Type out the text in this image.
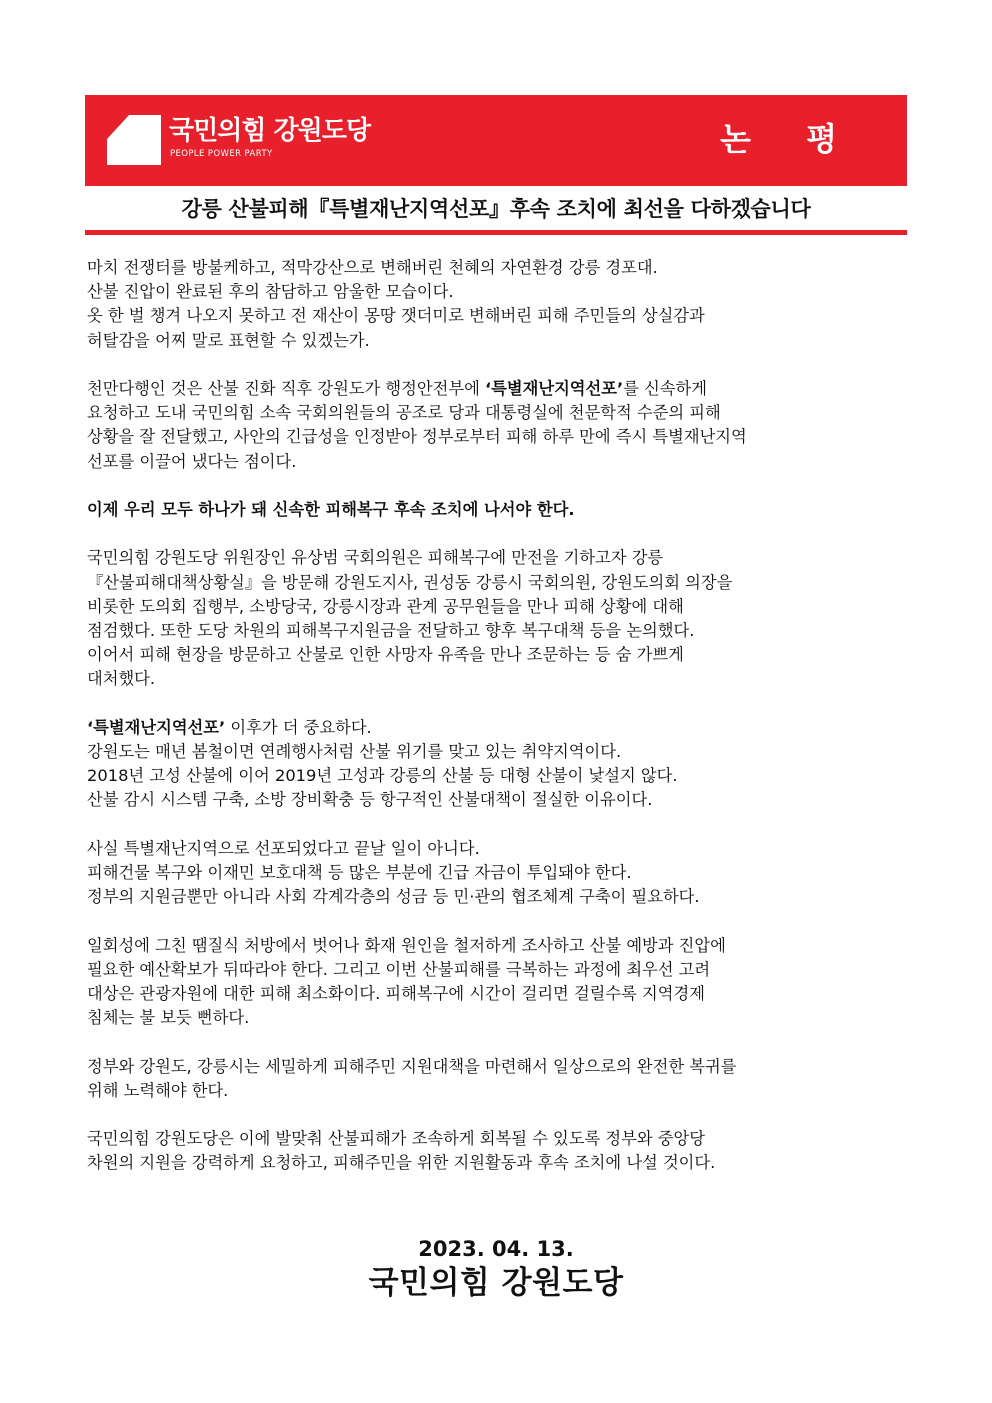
국민의힘 강원도당
PEOPLE POWER PARTY	논 평
강릉 산불피해『특별재난지역선포』후속 조치에 최선을 다하겠습니다

마치 전쟁터를 방불케하고, 적막강산으로 변해버린 천혜의 자연환경 강릉 경포대.
산불 진압이 완료된 후의 참담하고 암울한 모습이다.
옷 한 벌 챙겨 나오지 못하고 전 재산이 몽땅 잿더미로 변해버린 피해 주민들의 상실감과
허탈감을 어찌 말로 표현할 수 있겠는가.

천만다행인 것은 산불 진화 직후 강원도가 행정안전부에 ‘특별재난지역선포’를 신속하게
요청하고 도내 국민의힘 소속 국회의원들의 공조로 당과 대통령실에 천문학적 수준의 피해
상황을 잘 전달했고, 사안의 긴급성을 인정받아 정부로부터 피해 하루 만에 즉시 특별재난지역
선포를 이끌어 냈다는 점이다.

이제 우리 모두 하나가 돼 신속한 피해복구 후속 조치에 나서야 한다.

국민의힘 강원도당 위원장인 유상범 국회의원은 피해복구에 만전을 기하고자 강릉
『산불피해대책상황실』을 방문해 강원도지사, 권성동 강릉시 국회의원, 강원도의회 의장을
비롯한 도의회 집행부, 소방당국, 강릉시장과 관계 공무원들을 만나 피해 상황에 대해
점검했다. 또한 도당 차원의 피해복구지원금을 전달하고 향후 복구대책 등을 논의했다.
이어서 피해 현장을 방문하고 산불로 인한 사망자 유족을 만나 조문하는 등 숨 가쁘게
대처했다.

‘특별재난지역선포’ 이후가 더 중요하다.
강원도는 매년 봄철이면 연례행사처럼 산불 위기를 맞고 있는 취약지역이다.
2018년 고성 산불에 이어 2019년 고성과 강릉의 산불 등 대형 산불이 낯설지 않다.
산불 감시 시스템 구축, 소방 장비확충 등 항구적인 산불대책이 절실한 이유이다.

사실 특별재난지역으로 선포되었다고 끝날 일이 아니다.
피해건물 복구와 이재민 보호대책 등 많은 부분에 긴급 자금이 투입돼야 한다.
정부의 지원금뿐만 아니라 사회 각계각층의 성금 등 민·관의 협조체계 구축이 필요하다.

일회성에 그친 땜질식 처방에서 벗어나 화재 원인을 철저하게 조사하고 산불 예방과 진압에
필요한 예산확보가 뒤따라야 한다. 그리고 이번 산불피해를 극복하는 과정에 최우선 고려
대상은 관광자원에 대한 피해 최소화이다. 피해복구에 시간이 걸리면 걸릴수록 지역경제
침체는 불 보듯 뻔하다.

정부와 강원도, 강릉시는 세밀하게 피해주민 지원대책을 마련해서 일상으로의 완전한 복귀를
위해 노력해야 한다.

국민의힘 강원도당은 이에 발맞춰 산불피해가 조속하게 회복될 수 있도록 정부와 중앙당
차원의 지원을 강력하게 요청하고, 피해주민을 위한 지원활동과 후속 조치에 나설 것이다.

2023. 04. 13.
국민의힘 강원도당
